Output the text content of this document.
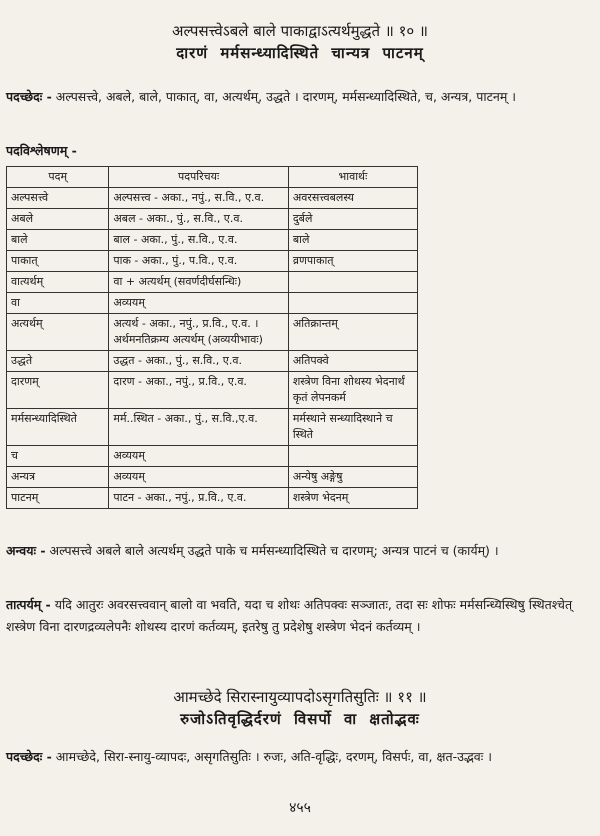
अल्पसत्त्वेऽबले बाले पाकाद्वाऽत्यर्थमुद्धते ॥ १० ॥
दारणं मर्मसन्ध्यादिस्थिते चान्यत्र पाटनम्
पदच्छेदः - अल्पसत्त्वे, अबले, बाले, पाकात्, वा, अत्यर्थम्, उद्धते । दारणम्, मर्मसन्ध्यादिस्थिते, च, अन्यत्र, पाटनम् ।
पदविश्लेषणम् -
पदम्	पदपरिचयः	भावार्थः
अल्पसत्त्वे	अल्पसत्त्व - अका., नपुं., स.वि., ए.व.	अवरसत्त्वबलस्य
अबले	अबल - अका., पुं., स.वि., ए.व.	दुर्बले
बाले	बाल - अका., पुं., स.वि., ए.व.	बाले
पाकात्	पाक - अका., पुं., प.वि., ए.व.	व्रणपाकात्
वात्यर्थम्	वा + अत्यर्थम् (सवर्णदीर्घसन्धिः)	
वा	अव्ययम्	
अत्यर्थम्	अत्यर्थ - अका., नपुं., प्र.वि., ए.व. । अर्थमनतिक्रम्य अत्यर्थम् (अव्ययीभावः)	अतिक्रान्तम्
उद्धते	उद्धत - अका., पुं., स.वि., ए.व.	अतिपक्वे
दारणम्	दारण - अका., नपुं., प्र.वि., ए.व.	शस्त्रेण विना शोथस्य भेदनार्थं कृतं लेपनकर्म
मर्मसन्ध्यादिस्थिते	मर्म..स्थित - अका., पुं., स.वि.,ए.व.	मर्मस्थाने सन्ध्यादिस्थाने च स्थिते
च	अव्ययम्	
अन्यत्र	अव्ययम्	अन्येषु अङ्गेषु
पाटनम्	पाटन - अका., नपुं., प्र.वि., ए.व.	शस्त्रेण भेदनम्
अन्वयः - अल्पसत्त्वे अबले बाले अत्यर्थम् उद्धते पाके च मर्मसन्ध्यादिस्थिते च दारणम्; अन्यत्र पाटनं च (कार्यम्) ।
तात्पर्यम् - यदि आतुरः अवरसत्त्ववान् बालो वा भवति, यदा च शोथः अतिपक्वः सञ्जातः, तदा सः शोफः मर्मसन्ध्यिस्थिषु स्थितश्चेत् शस्त्रेण विना दारणद्रव्यलेपनैः शोथस्य दारणं कर्तव्यम्, इतरेषु तु प्रदेशेषु शस्त्रेण भेदनं कर्तव्यम् ।
आमच्छेदे सिरास्नायुव्यापदोऽसृगतिसुतिः ॥ ११ ॥
रुजोऽतिवृद्धिर्दरणं विसर्पो वा क्षतोद्भवः
पदच्छेदः - आमच्छेदे, सिरा-स्नायु-व्यापदः, असृगतिसुतिः । रुजः, अति-वृद्धिः, दरणम्, विसर्पः, वा, क्षत-उद्भवः ।
४५५
